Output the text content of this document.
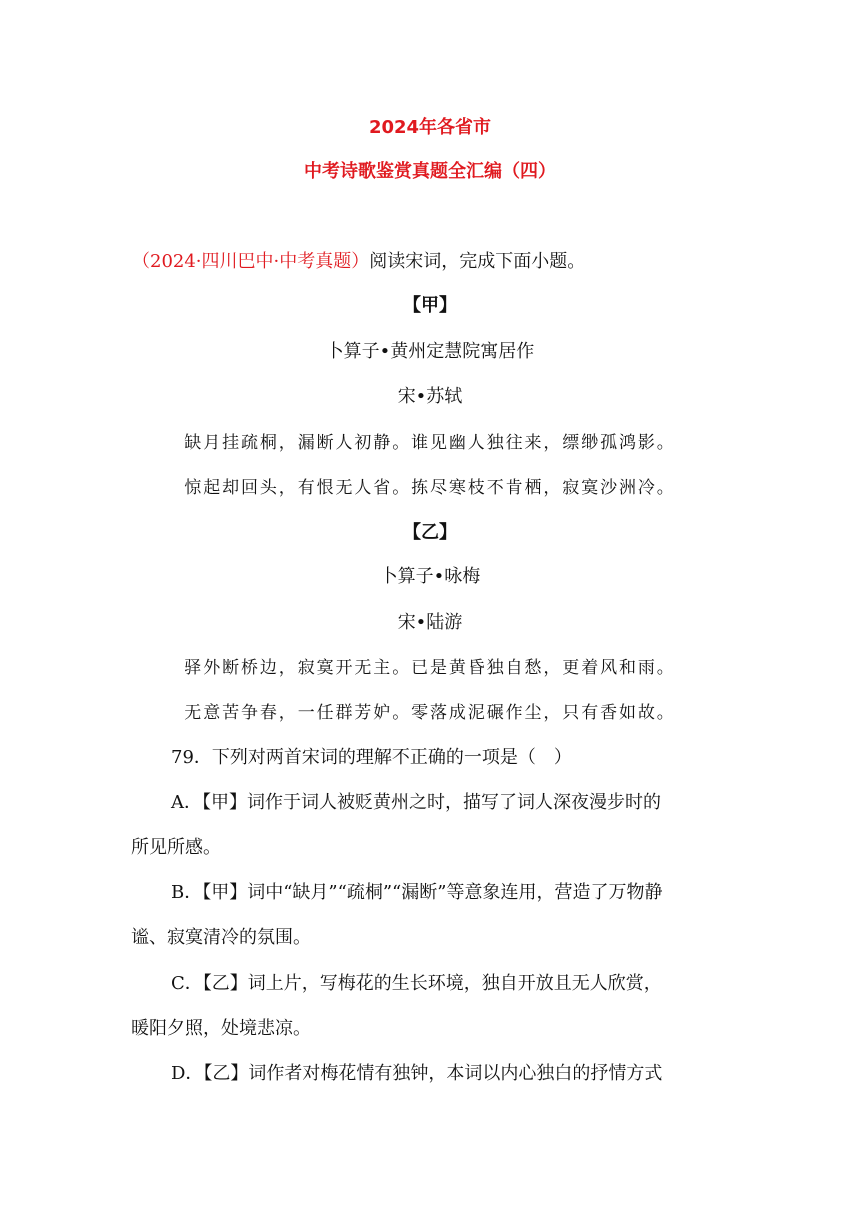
2024年各省市
中考诗歌鉴赏真题全汇编（四）
（2024·四川巴中·中考真题）阅读宋词，完成下面小题。
【甲】
卜算子•黄州定慧院寓居作
宋•苏轼
缺月挂疏桐，漏断人初静。谁见幽人独往来，缥缈孤鸿影。
惊起却回头，有恨无人省。拣尽寒枝不肯栖，寂寞沙洲冷。
【乙】
卜算子•咏梅
宋•陆游
驿外断桥边，寂寞开无主。已是黄昏独自愁，更着风和雨。
无意苦争春，一任群芳妒。零落成泥碾作尘，只有香如故。
79．下列对两首宋词的理解不正确的一项是（　）
A．【甲】词作于词人被贬黄州之时，描写了词人深夜漫步时的
所见所感。
B．【甲】词中“缺月”“疏桐”“漏断”等意象连用，营造了万物静
谧、寂寞清冷的氛围。
C．【乙】词上片，写梅花的生长环境，独自开放且无人欣赏，
暖阳夕照，处境悲凉。
D．【乙】词作者对梅花情有独钟，本词以内心独白的抒情方式
